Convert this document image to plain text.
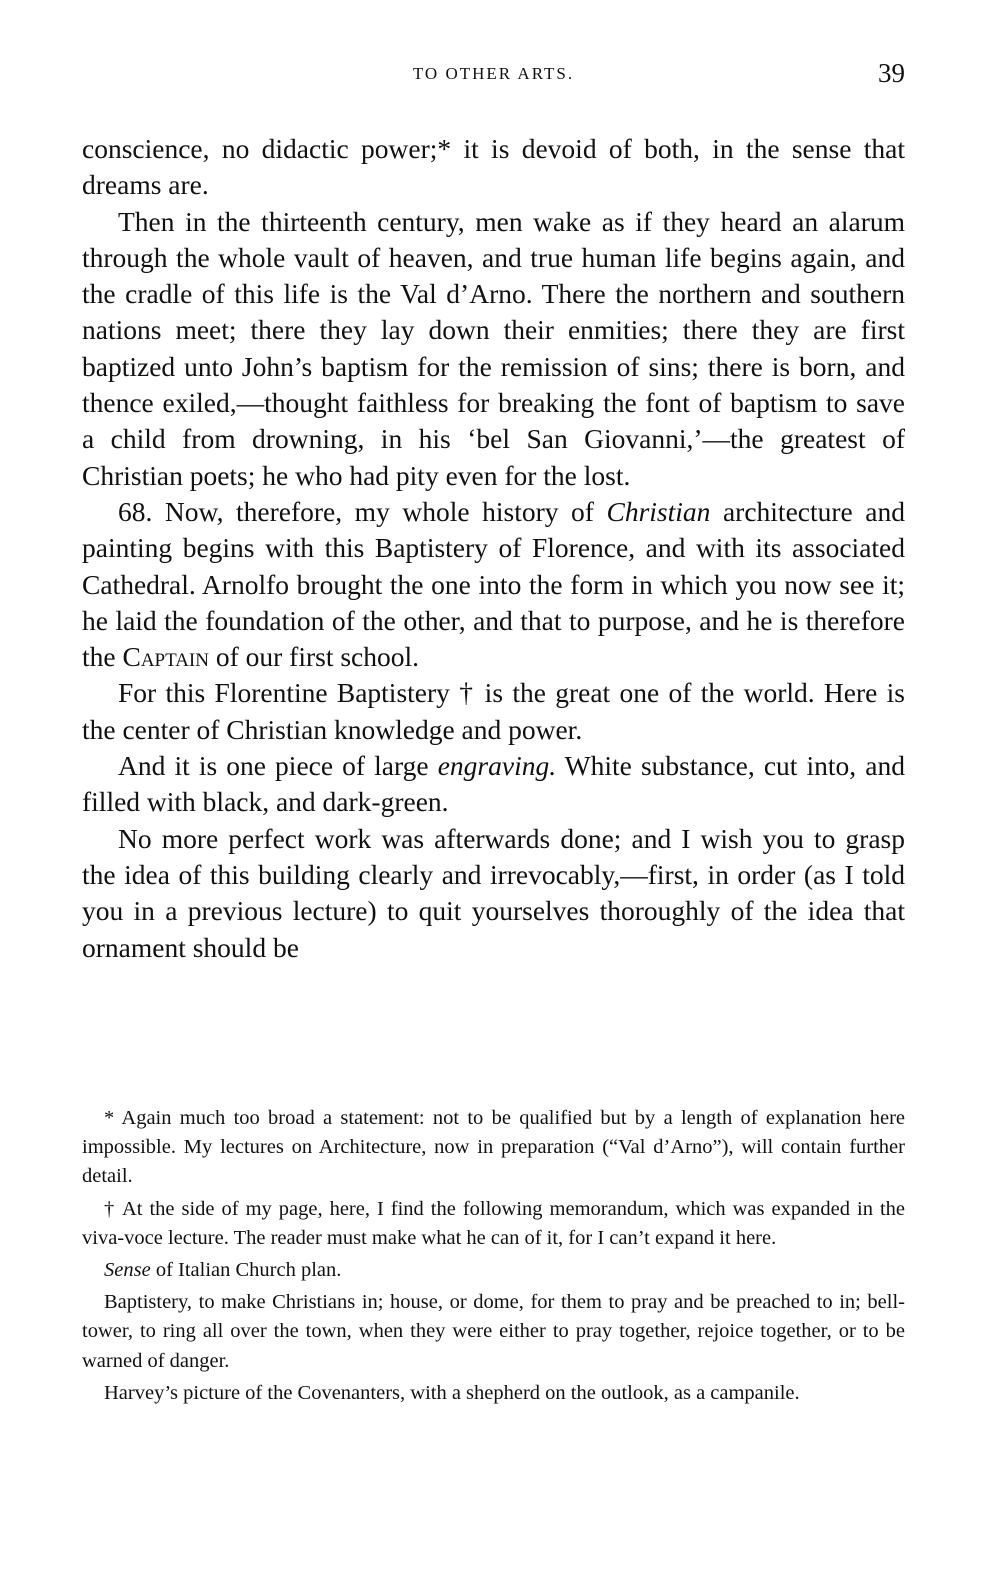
TO OTHER ARTS.	39

conscience, no didactic power;* it is devoid of both, in the sense that dreams are.

Then in the thirteenth century, men wake as if they heard an alarum through the whole vault of heaven, and true human life begins again, and the cradle of this life is the Val d’Arno. There the northern and southern nations meet; there they lay down their enmities; there they are first baptized unto John’s baptism for the remission of sins; there is born, and thence exiled,—thought faithless for breaking the font of baptism to save a child from drowning, in his ‘bel San Giovanni,’—the greatest of Christian poets; he who had pity even for the lost.

68. Now, therefore, my whole history of Christian architecture and painting begins with this Baptistery of Florence, and with its associated Cathedral. Arnolfo brought the one into the form in which you now see it; he laid the foundation of the other, and that to purpose, and he is therefore the Captain of our first school.

For this Florentine Baptistery † is the great one of the world. Here is the center of Christian knowledge and power.

And it is one piece of large engraving. White substance, cut into, and filled with black, and dark-green.

No more perfect work was afterwards done; and I wish you to grasp the idea of this building clearly and irrevocably,—first, in order (as I told you in a previous lecture) to quit yourselves thoroughly of the idea that ornament should be

* Again much too broad a statement: not to be qualified but by a length of explanation here impossible. My lectures on Architecture, now in preparation (“Val d’Arno”), will contain further detail.

† At the side of my page, here, I find the following memorandum, which was expanded in the viva-voce lecture. The reader must make what he can of it, for I can’t expand it here.

Sense of Italian Church plan.

Baptistery, to make Christians in; house, or dome, for them to pray and be preached to in; bell-tower, to ring all over the town, when they were either to pray together, rejoice together, or to be warned of danger.

Harvey’s picture of the Covenanters, with a shepherd on the outlook, as a campanile.
